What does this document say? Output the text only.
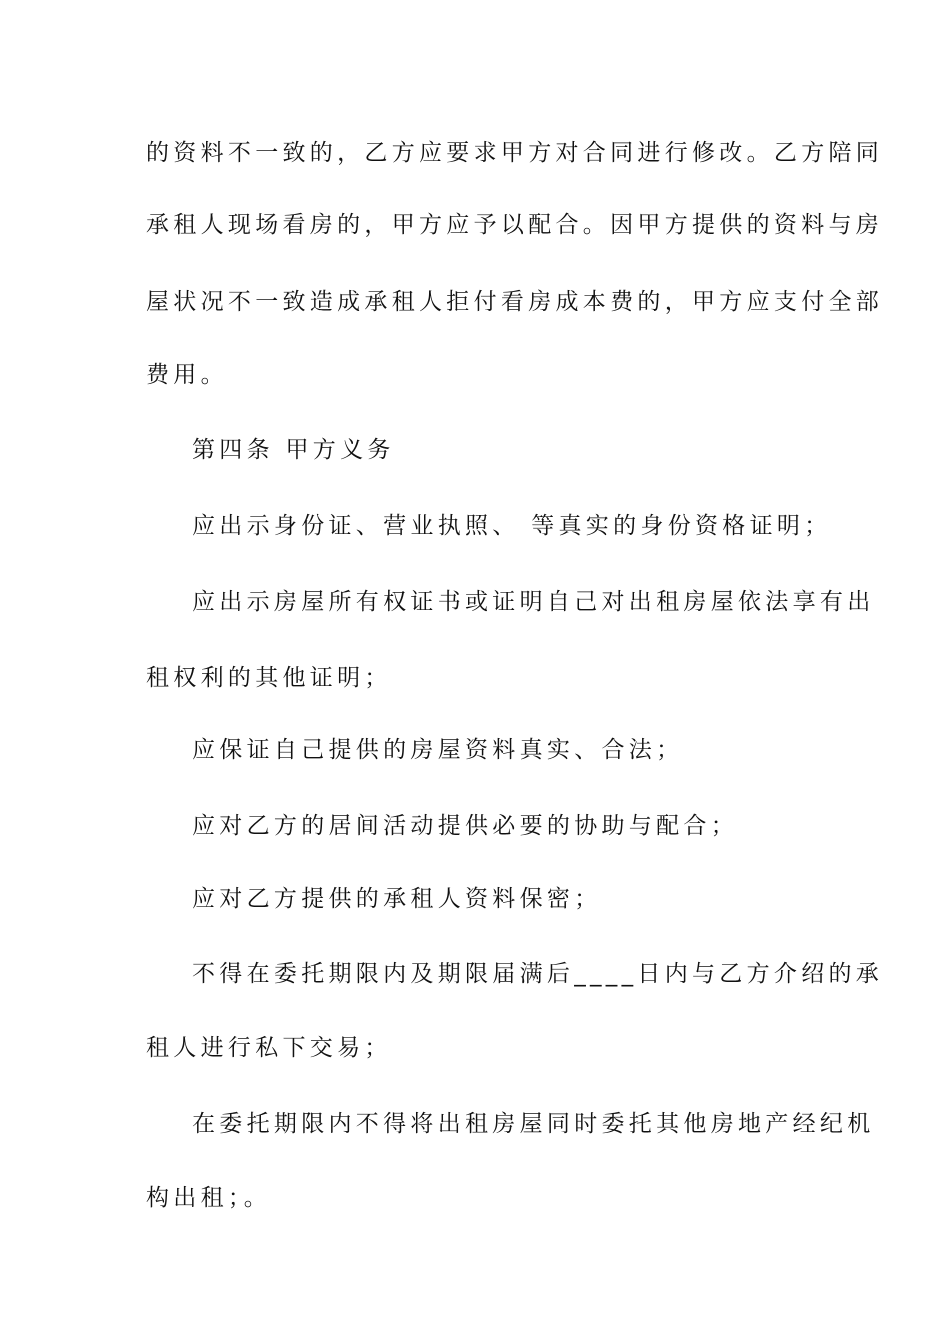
的资料不一致的，乙方应要求甲方对合同进行修改。乙方陪同
承租人现场看房的，甲方应予以配合。因甲方提供的资料与房
屋状况不一致造成承租人拒付看房成本费的，甲方应支付全部
费用。
第四条 甲方义务
应出示身份证、营业执照、 等真实的身份资格证明；
应出示房屋所有权证书或证明自己对出租房屋依法享有出
租权利的其他证明；
应保证自己提供的房屋资料真实、合法；
应对乙方的居间活动提供必要的协助与配合；
应对乙方提供的承租人资料保密；
不得在委托期限内及期限届满后____日内与乙方介绍的承
租人进行私下交易；
在委托期限内不得将出租房屋同时委托其他房地产经纪机
构出租；。
